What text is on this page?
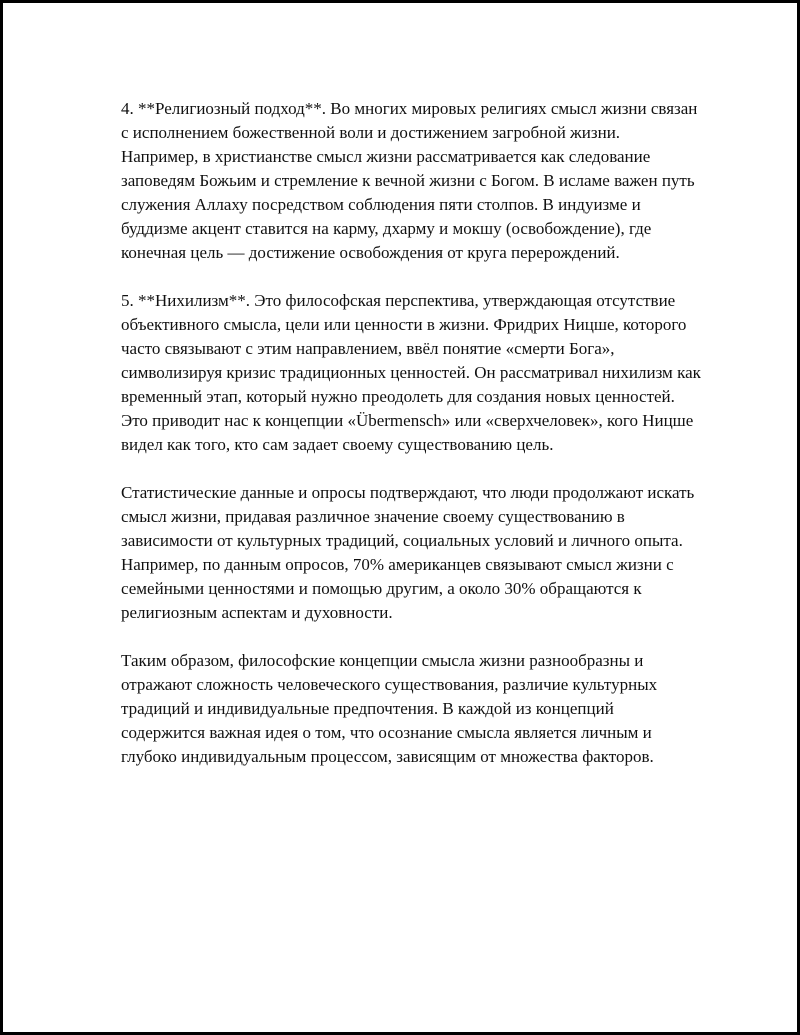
4. **Религиозный подход**. Во многих мировых религиях смысл жизни связан с исполнением божественной воли и достижением загробной жизни. Например, в христианстве смысл жизни рассматривается как следование заповедям Божьим и стремление к вечной жизни с Богом. В исламе важен путь служения Аллаху посредством соблюдения пяти столпов. В индуизме и буддизме акцент ставится на карму, дхарму и мокшу (освобождение), где конечная цель — достижение освобождения от круга перерождений.

5. **Нихилизм**. Это философская перспектива, утверждающая отсутствие объективного смысла, цели или ценности в жизни. Фридрих Ницше, которого часто связывают с этим направлением, ввёл понятие «смерти Бога», символизируя кризис традиционных ценностей. Он рассматривал нихилизм как временный этап, который нужно преодолеть для создания новых ценностей. Это приводит нас к концепции «Übermensch» или «сверхчеловек», кого Ницше видел как того, кто сам задает своему существованию цель.

Статистические данные и опросы подтверждают, что люди продолжают искать смысл жизни, придавая различное значение своему существованию в зависимости от культурных традиций, социальных условий и личного опыта. Например, по данным опросов, 70% американцев связывают смысл жизни с семейными ценностями и помощью другим, а около 30% обращаются к религиозным аспектам и духовности.

Таким образом, философские концепции смысла жизни разнообразны и отражают сложность человеческого существования, различие культурных традиций и индивидуальные предпочтения. В каждой из концепций содержится важная идея о том, что осознание смысла является личным и глубоко индивидуальным процессом, зависящим от множества факторов.
